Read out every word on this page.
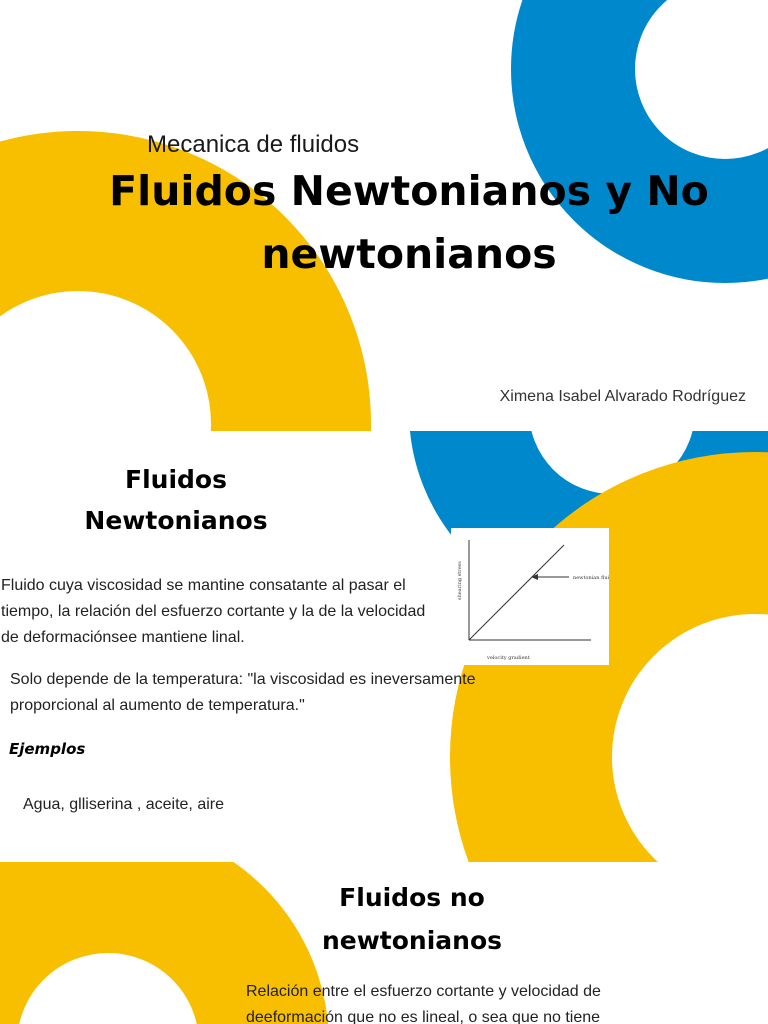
Mecanica de fluidos

Fluidos Newtonianos y No newtonianos

Ximena Isabel Alvarado Rodríguez

Fluidos Newtonianos

Fluido cuya viscosidad se mantine consatante al pasar el tiempo, la relación del esfuerzo cortante y la de la velocidad de deformaciónsee mantiene linal.

Solo depende de la temperatura: "la viscosidad es ineversamente proporcional al aumento de temperatura."

Ejemplos

Agua, glliserina , aceite, aire

newtonian fluid
shearing stress
velocity gradient
Fluidos no newtonianos

Relación entre el esfuerzo cortante y velocidad de deeformación que no es lineal, o sea que no tiene
